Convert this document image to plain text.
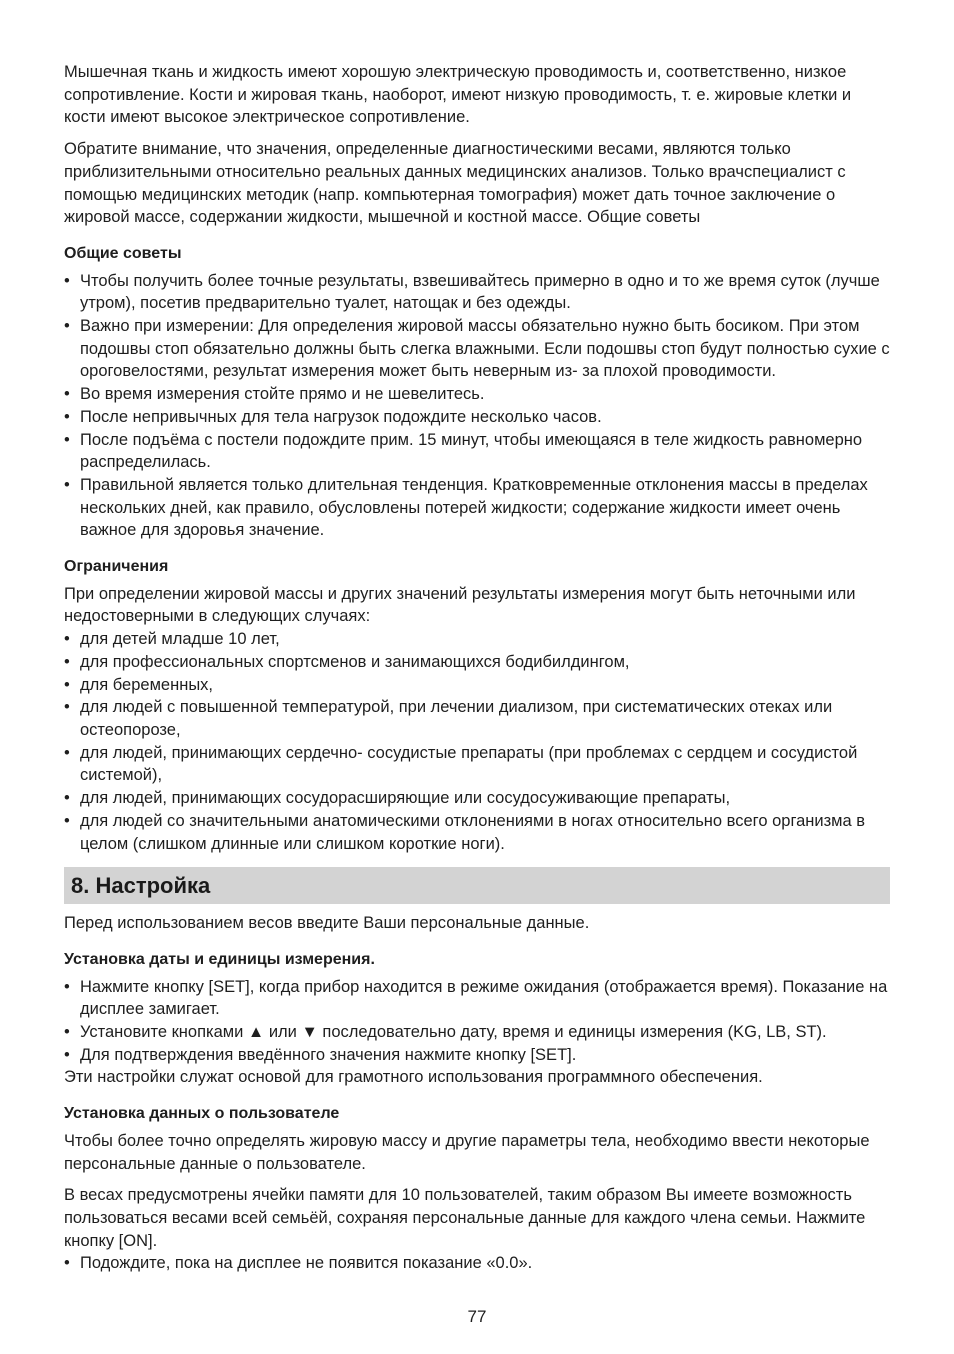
Мышечная ткань и жидкость имеют хорошую электрическую проводимость и, соответственно, низкое сопротивление. Кости и жировая ткань, наоборот, имеют низкую проводимость, т. е. жировые клетки и кости имеют высокое электрическое сопротивление.

Обратите внимание, что значения, определенные диагностическими весами, являются только приблизительными относительно реальных данных медицинских анализов. Только врачспециалист с помощью медицинских методик (напр. компьютерная томография) может дать точное заключение о жировой массе, содержании жидкости, мышечной и костной массе. Общие советы

Общие советы
• Чтобы получить более точные результаты, взвешивайтесь примерно в одно и то же время суток (лучше утром), посетив предварительно туалет, натощак и без одежды.
• Важно при измерении: Для определения жировой массы обязательно нужно быть босиком. При этом подошвы стоп обязательно должны быть слегка влажными. Если подошвы стоп будут полностью сухие с ороговелостями, результат измерения может быть неверным из- за плохой проводимости.
• Во время измерения стойте прямо и не шевелитесь.
• После непривычных для тела нагрузок подождите несколько часов.
• После подъёма с постели подождите прим. 15 минут, чтобы имеющаяся в теле жидкость равномерно распределилась.
• Правильной является только длительная тенденция. Кратковременные отклонения массы в пределах нескольких дней, как правило, обусловлены потерей жидкости; содержание жидкости имеет очень важное для здоровья значение.
Ограничения

При определении жировой массы и других значений результаты измерения могут быть неточными или недостоверными в следующих случаях:

• для детей младше 10 лет,
• для профессиональных спортсменов и занимающихся бодибилдингом,
• для беременных,
• для людей с повышенной температурой, при лечении диализом, при систематических отеках или остеопорозе,
• для людей, принимающих сердечно- сосудистые препараты (при проблемах с сердцем и сосудистой системой),
• для людей, принимающих сосудорасширяющие или сосудосуживающие препараты,
• для людей со значительными анатомическими отклонениями в ногах относительно всего организма в целом (слишком длинные или слишком короткие ноги).
8. Настройка

Перед использованием весов введите Ваши персональные данные.

Установка даты и единицы измерения.
• Нажмите кнопку [SET], когда прибор находится в режиме ожидания (отображается время). Показание на дисплее замигает.
• Установите кнопками ▲ или ▼ последовательно дату, время и единицы измерения (KG, LB, ST).
• Для подтверждения введённого значения нажмите кнопку [SET].

Эти настройки служат основой для грамотного использования программного обеспечения.

Установка данных о пользователе

Чтобы более точно определять жировую массу и другие параметры тела, необходимо ввести некоторые персональные данные о пользователе.

В весах предусмотрены ячейки памяти для 10 пользователей, таким образом Вы имеете возможность пользоваться весами всей семьёй, сохраняя персональные данные для каждого члена семьи. Нажмите кнопку [ON].

• Подождите, пока на дисплее не появится показание «0.0».
77
